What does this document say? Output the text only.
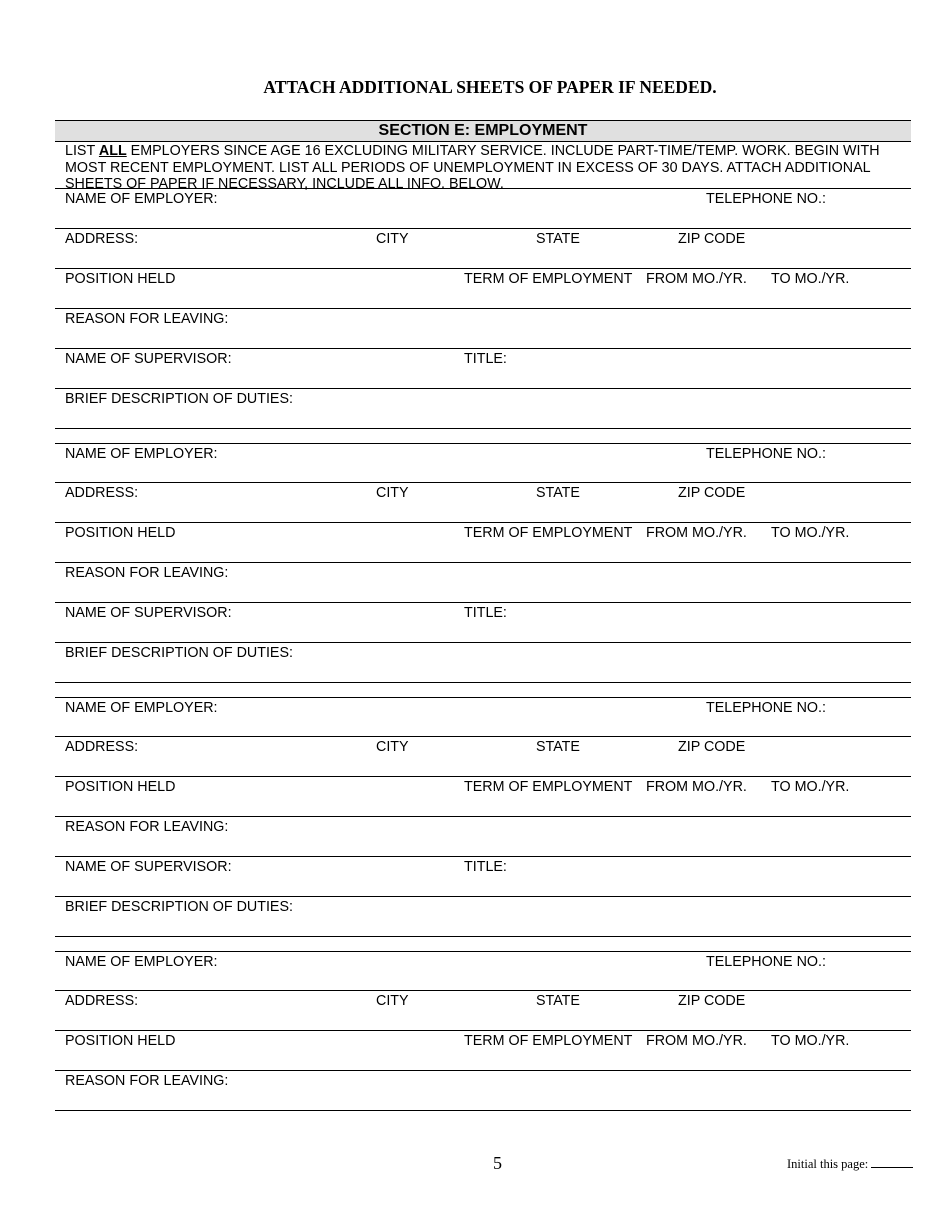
ATTACH ADDITIONAL SHEETS OF PAPER IF NEEDED.
SECTION E: EMPLOYMENT
LIST ALL EMPLOYERS SINCE AGE 16 EXCLUDING MILITARY SERVICE. INCLUDE PART-TIME/TEMP. WORK. BEGIN WITH
MOST RECENT EMPLOYMENT. LIST ALL PERIODS OF UNEMPLOYMENT IN EXCESS OF 30 DAYS. ATTACH ADDITIONAL
SHEETS OF PAPER IF NECESSARY, INCLUDE ALL INFO. BELOW.
NAME OF EMPLOYER:	TELEPHONE NO.:
ADDRESS:	CITY	STATE	ZIP CODE
POSITION HELD	TERM OF EMPLOYMENT FROM MO./YR. TO MO./YR.
REASON FOR LEAVING:
NAME OF SUPERVISOR:	TITLE:
BRIEF DESCRIPTION OF DUTIES:
NAME OF EMPLOYER:	TELEPHONE NO.:
ADDRESS:	CITY	STATE	ZIP CODE
POSITION HELD	TERM OF EMPLOYMENT FROM MO./YR. TO MO./YR.
REASON FOR LEAVING:
NAME OF SUPERVISOR:	TITLE:
BRIEF DESCRIPTION OF DUTIES:
NAME OF EMPLOYER:	TELEPHONE NO.:
ADDRESS:	CITY	STATE	ZIP CODE
POSITION HELD	TERM OF EMPLOYMENT FROM MO./YR. TO MO./YR.
REASON FOR LEAVING:
NAME OF SUPERVISOR:	TITLE:
BRIEF DESCRIPTION OF DUTIES:
NAME OF EMPLOYER:	TELEPHONE NO.:
ADDRESS:	CITY	STATE	ZIP CODE
POSITION HELD	TERM OF EMPLOYMENT FROM MO./YR. TO MO./YR.
REASON FOR LEAVING:
5	Initial this page:
